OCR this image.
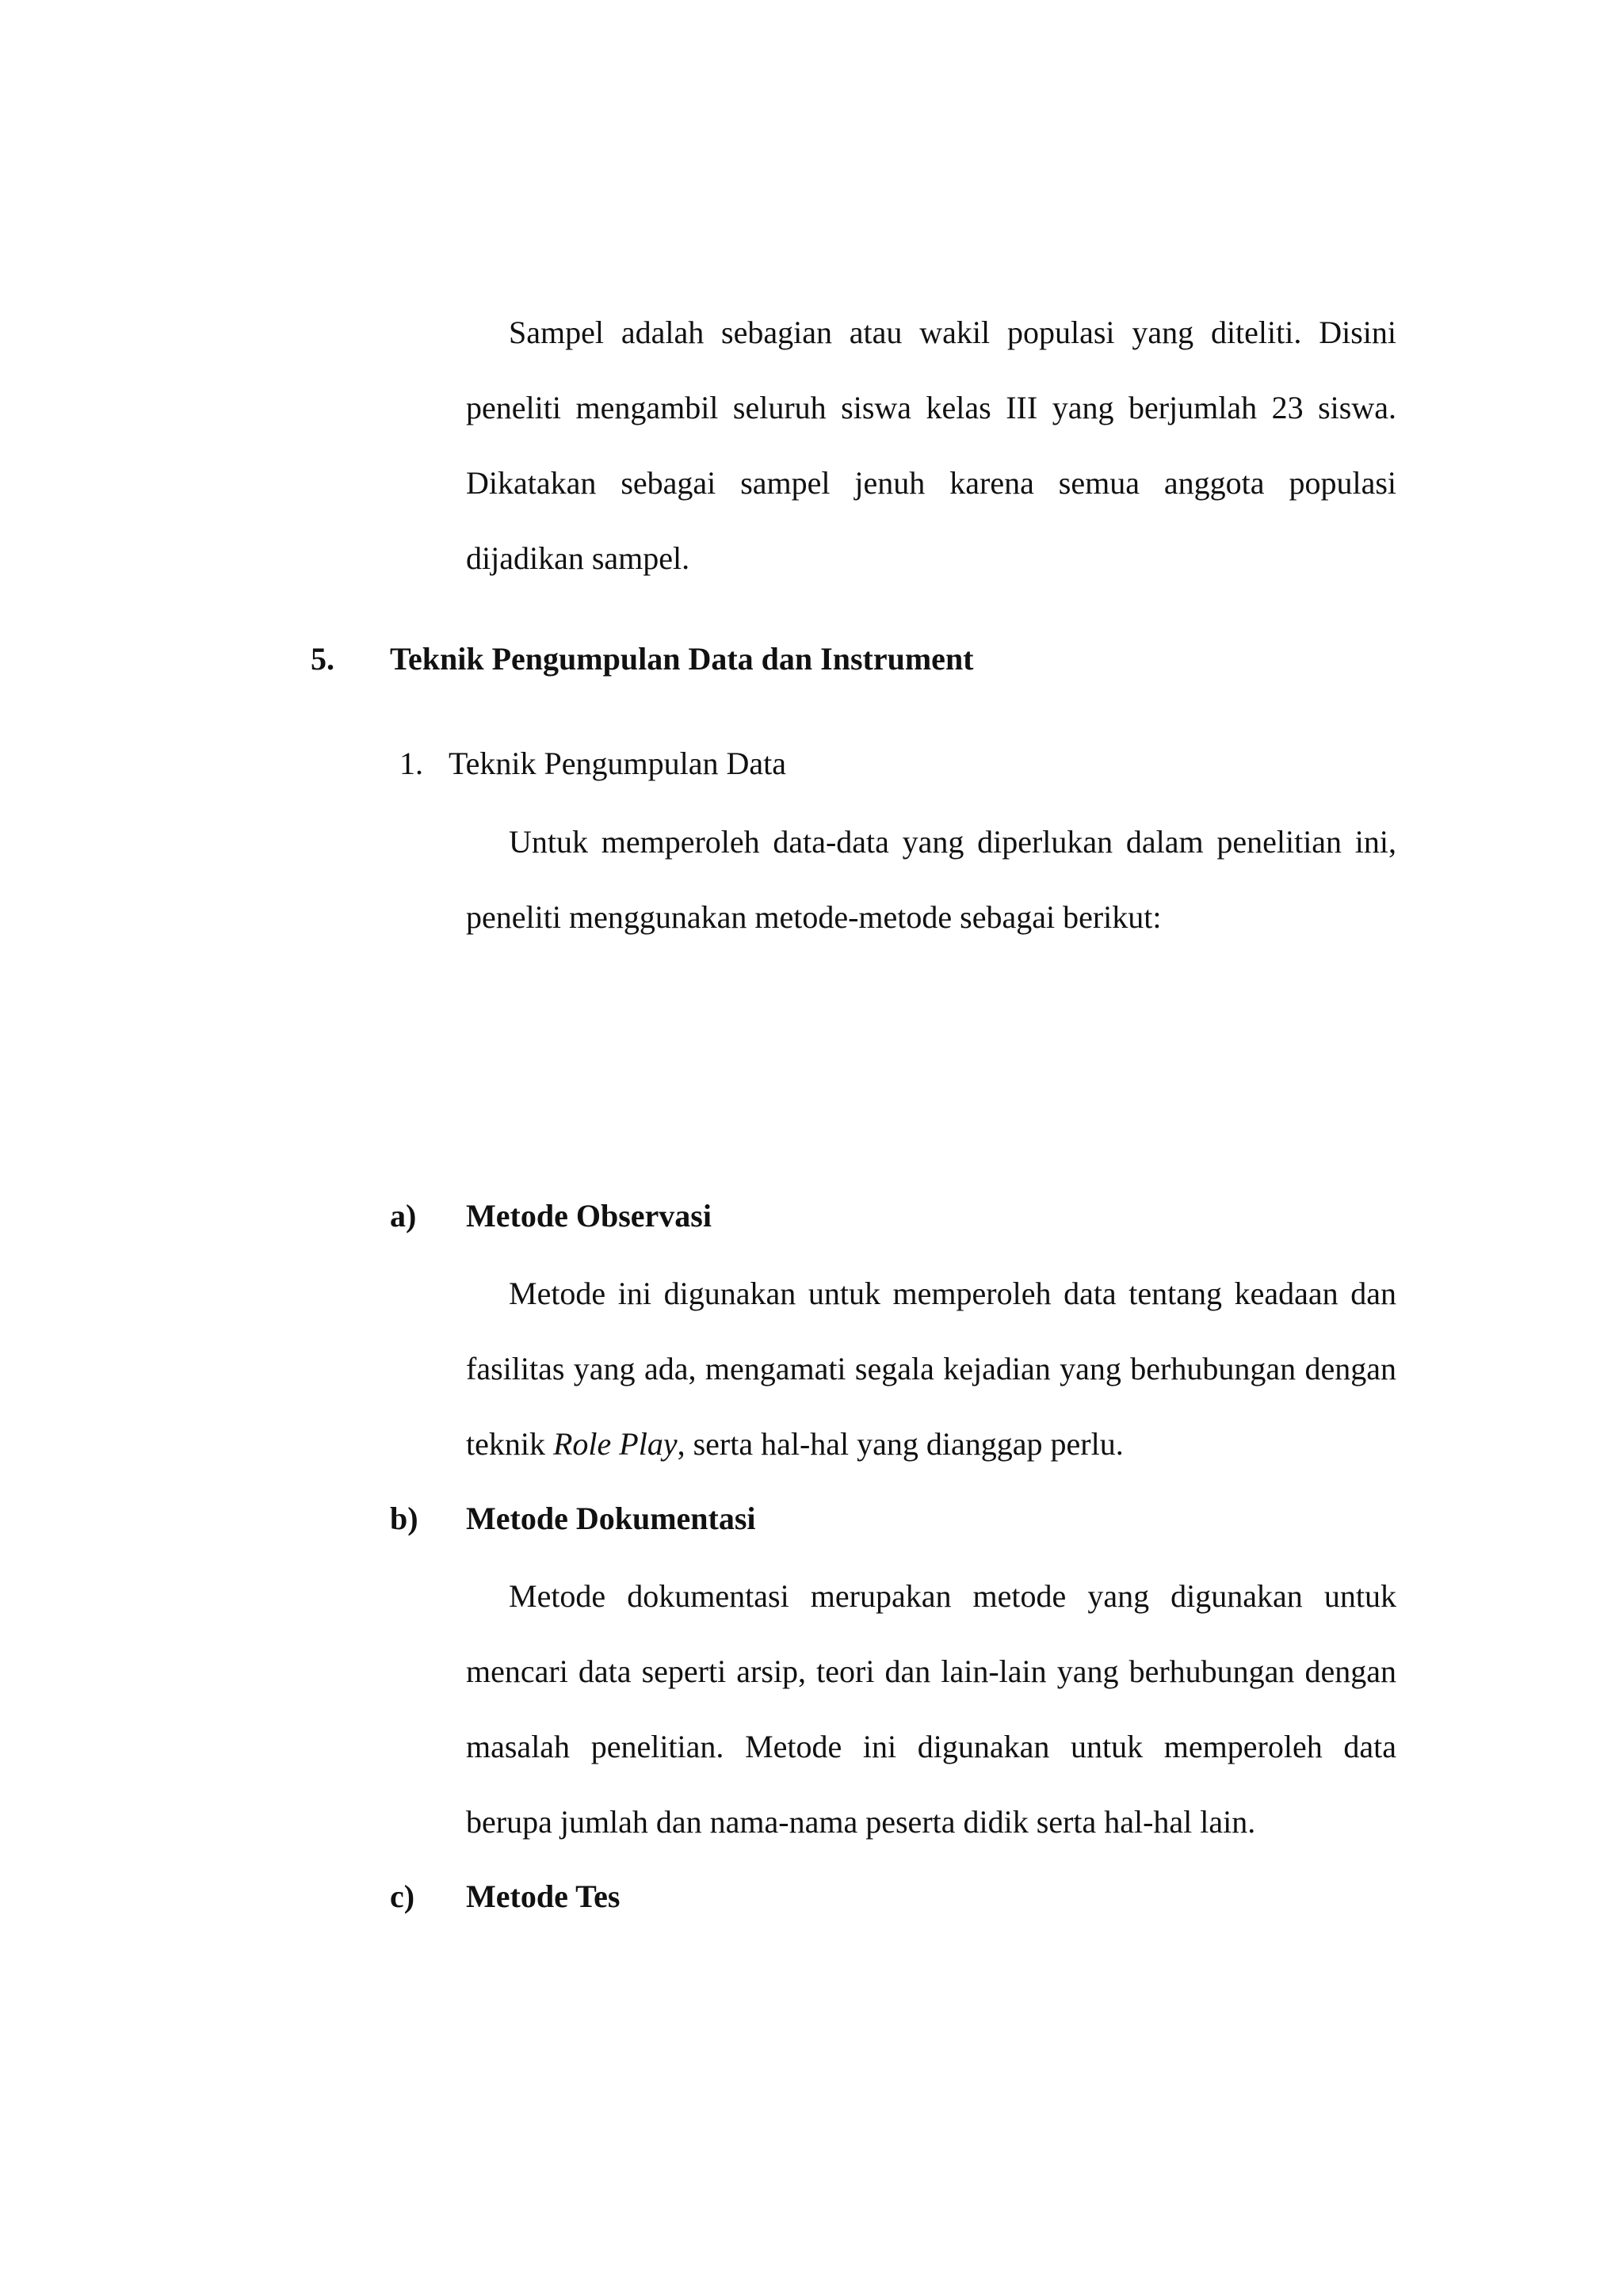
Sampel adalah sebagian atau wakil populasi yang diteliti. Disini peneliti mengambil seluruh siswa kelas III yang berjumlah 23 siswa. Dikatakan sebagai sampel jenuh karena semua anggota populasi dijadikan sampel.

5. Teknik Pengumpulan Data dan Instrument
1. Teknik Pengumpulan Data

Untuk memperoleh data-data yang diperlukan dalam penelitian ini, peneliti menggunakan metode-metode sebagai berikut:

a) Metode Observasi

Metode ini digunakan untuk memperoleh data tentang keadaan dan fasilitas yang ada, mengamati segala kejadian yang berhubungan dengan teknik Role Play, serta hal-hal yang dianggap perlu.

b) Metode Dokumentasi

Metode dokumentasi merupakan metode yang digunakan untuk mencari data seperti arsip, teori dan lain-lain yang berhubungan dengan masalah penelitian. Metode ini digunakan untuk memperoleh data berupa jumlah dan nama-nama peserta didik serta hal-hal lain.

c) Metode Tes
